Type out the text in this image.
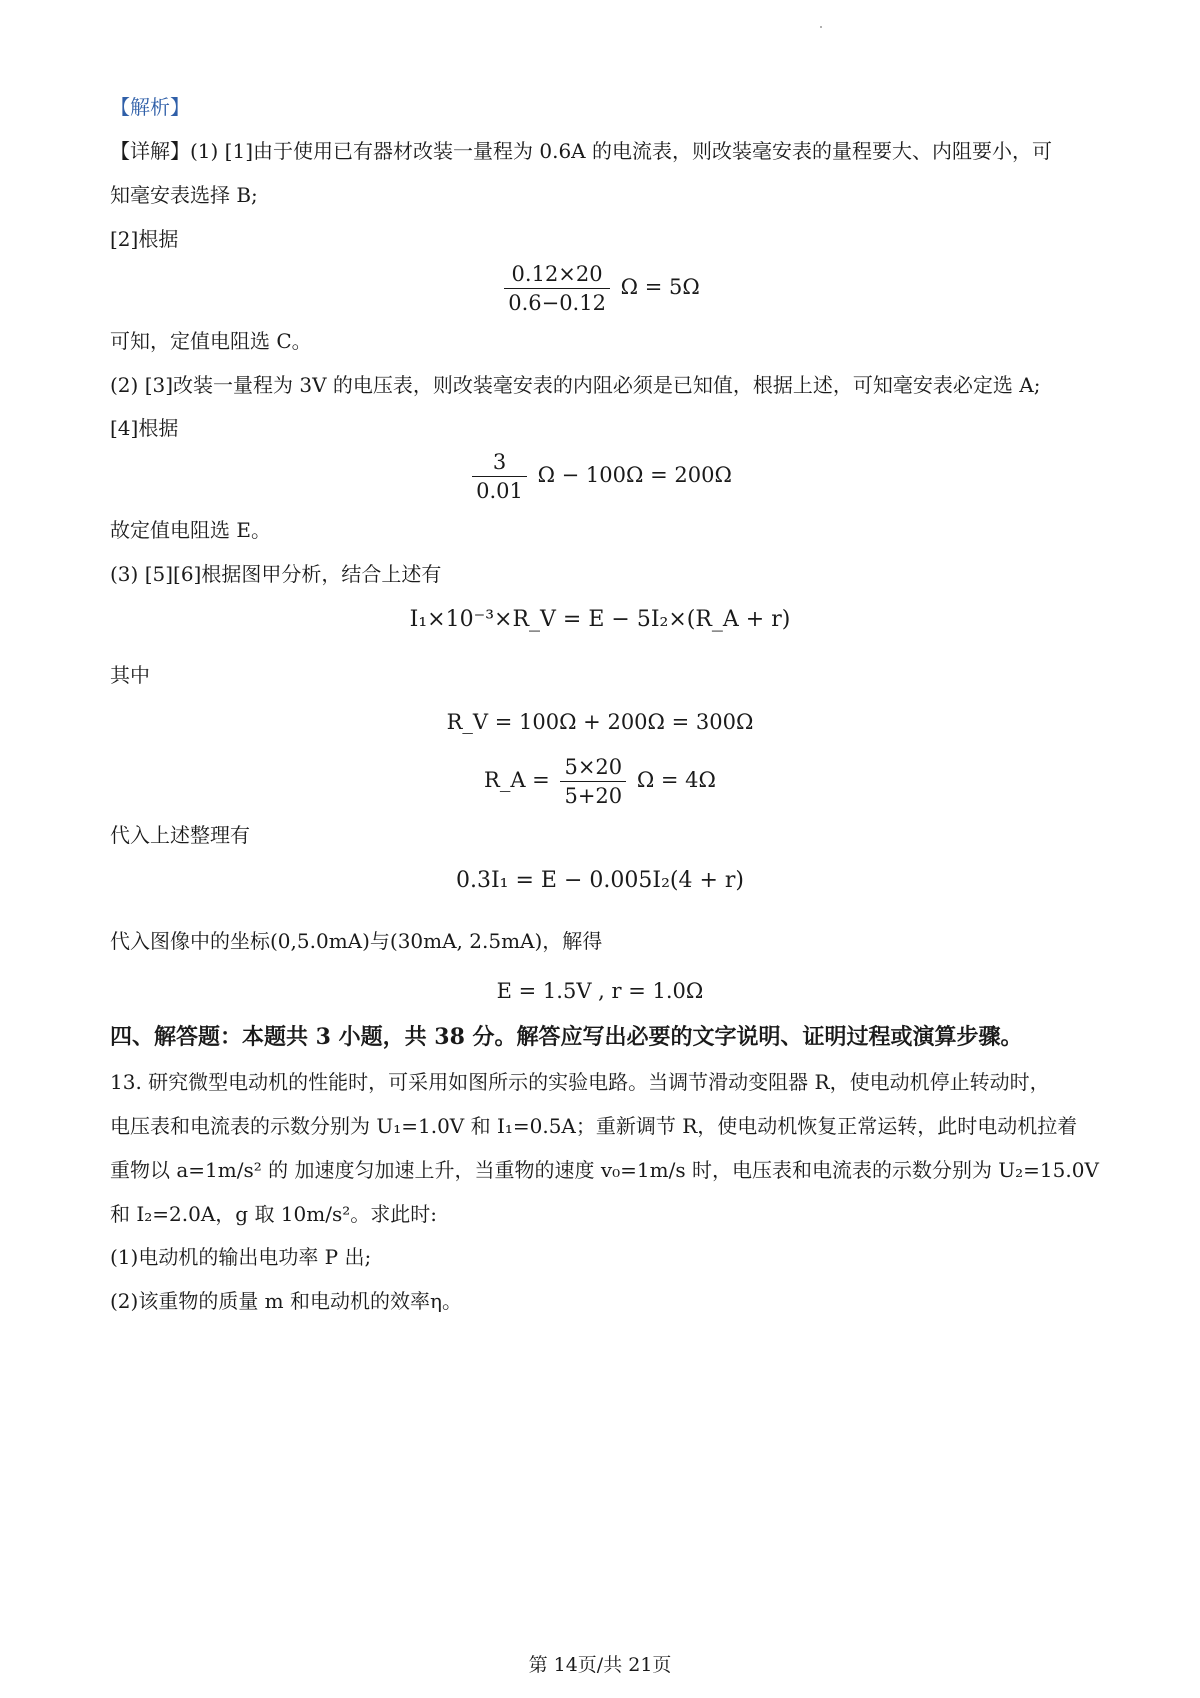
【解析】
【详解】(1) [1]由于使用已有器材改装一量程为 0.6A 的电流表，则改装毫安表的量程要大、内阻要小，可
知毫安表选择 B;
[2]根据
$\frac{0.12\times 20}{0.6-0.12}$ Ω = 5Ω
可知，定值电阻选 C。
(2) [3]改装一量程为 3V 的电压表，则改装毫安表的内阻必须是已知值，根据上述，可知毫安表必定选 A;
[4]根据
$\frac{3}{0.01}$ Ω − 100Ω = 200Ω
故定值电阻选 E。
(3) [5][6]根据图甲分析，结合上述有
I₁×10⁻³×R_V = E − 5I₂×(R_A + r)
其中
R_V = 100Ω + 200Ω = 300Ω
R_A = $\frac{5\times 20}{5+20}$ Ω = 4Ω
代入上述整理有
0.3I₁ = E − 0.005I₂(4 + r)
代入图像中的坐标(0,5.0mA)与(30mA, 2.5mA)，解得
E = 1.5V , r = 1.0Ω
四、解答题：本题共 3 小题，共 38 分。解答应写出必要的文字说明、证明过程或演算步骤。
13. 研究微型电动机的性能时，可采用如图所示的实验电路。当调节滑动变阻器 R，使电动机停止转动时，
电压表和电流表的示数分别为 U₁=1.0V 和 I₁=0.5A；重新调节 R，使电动机恢复正常运转，此时电动机拉着
重物以 a=1m/s² 的 加速度匀加速上升，当重物的速度 v₀=1m/s 时，电压表和电流表的示数分别为 U₂=15.0V
和 I₂=2.0A，g 取 10m/s²。求此时:
(1)电动机的输出电功率 P 出;
(2)该重物的质量 m 和电动机的效率η。
第 14页/共 21页
